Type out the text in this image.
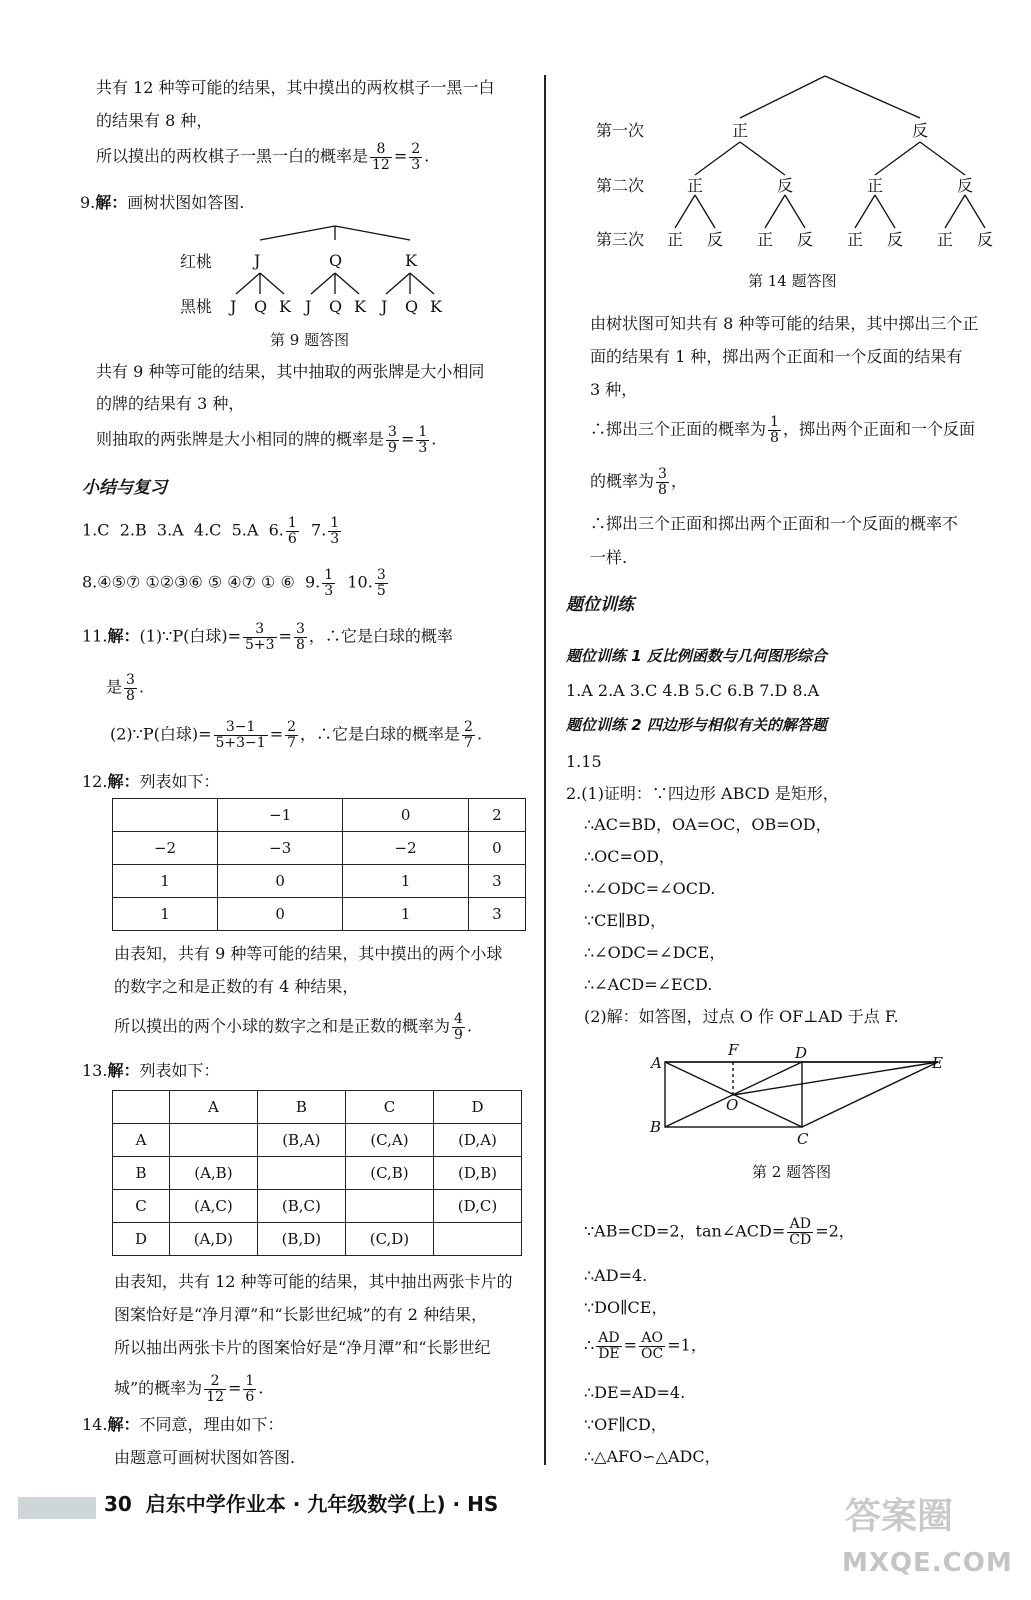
共有 12 种等可能的结果，其中摸出的两枚棋子一黑一白
的结果有 8 种，
所以摸出的两枚棋子一黑一白的概率是 $\frac{8}{12} = \frac{2}{3}$ .
9.解：画树状图如答图.
红桃
黑桃
J	Q	K
J Q K J Q K J Q K
第 9 题答图
共有 9 种等可能的结果，其中抽取的两张牌是大小相同
的牌的结果有 3 种，
则抽取的两张牌是大小相同的牌的概率是 $\frac{3}{9} = \frac{1}{3}$ .
小结与复习
1.C 2.B 3.A 4.C 5.A 6. $\frac{1}{6} 7$. $\frac{1}{3}$
8.④⑤⑦ ①②③⑥ ⑤ ④⑦ ① ⑥ 9. $\frac{1}{3} 10$. $\frac{3}{5}$
11.解：(1)∵P(白球)= $\frac{3}{5+3} = \frac{3}{8}$ ，∴它是白球的概率
是 $\frac{3}{8}$ .
(2)∵P(白球)= $\frac{3-1}{5+3-1} = \frac{2}{7}$ ，∴它是白球的概率是 $\frac{2}{7}$ .
12.解：列表如下：
	−1	0	2
−2	−3	−2	0
1	0	1	3
1	0	1	3
由表知，共有 9 种等可能的结果，其中摸出的两个小球
的数字之和是正数的有 4 种结果，
所以摸出的两个小球的数字之和是正数的概率为 $\frac{4}{9}$ .
13.解：列表如下：
	A	B	C	D
A		(B,A)	(C,A)	(D,A)
B	(A,B)		(C,B)	(D,B)
C	(A,C)	(B,C)		(D,C)
D	(A,D)	(B,D)	(C,D)	
由表知，共有 12 种等可能的结果，其中抽出两张卡片的
图案恰好是“净月潭”和“长影世纪城”的有 2 种结果，
所以抽出两张卡片的图案恰好是“净月潭”和“长影世纪
城”的概率为 $\frac{2}{12} = \frac{1}{6}$ .
14.解：不同意，理由如下：
由题意可画树状图如答图.
第一次
第二次
第三次
正	反
正	反	正	反
正 反 正 反 正 反 正 反
第 14 题答图
由树状图可知共有 8 种等可能的结果，其中掷出三个正
面的结果有 1 种，掷出两个正面和一个反面的结果有
3 种，
∴掷出三个正面的概率为 $\frac{1}{8}$ ，掷出两个正面和一个反面
的概率为 $\frac{3}{8}$ ，
∴掷出三个正面和掷出两个正面和一个反面的概率不
一样.
题位训练
题位训练 1 反比例函数与几何图形综合
1.A 2.A 3.C 4.B 5.C 6.B 7.D 8.A
题位训练 2 四边形与相似有关的解答题
1.15
2.(1)证明：∵四边形 ABCD 是矩形，
∴AC=BD，OA=OC，OB=OD，
∴OC=OD，
∴∠ODC=∠OCD.
∵CE∥BD，
∴∠ODC=∠DCE，
∴∠ACD=∠ECD.
(2)解：如答图，过点 O 作 OF⊥AD 于点 F.
A
B
C
D
E
F
O
第 2 题答图
∵AB=CD=2，tan∠ACD= $\frac{AD}{CD} =2$，
∴AD=4.
∵DO∥CE，
∴ $\frac{AD}{DE} = \frac{AO}{OC} =1$，
∴DE=AD=4.
∵OF∥CD，
∴△AFO∽△ADC，
30 启东中学作业本 · 九年级数学(上) · HS	答案圈
MXQE.COM
